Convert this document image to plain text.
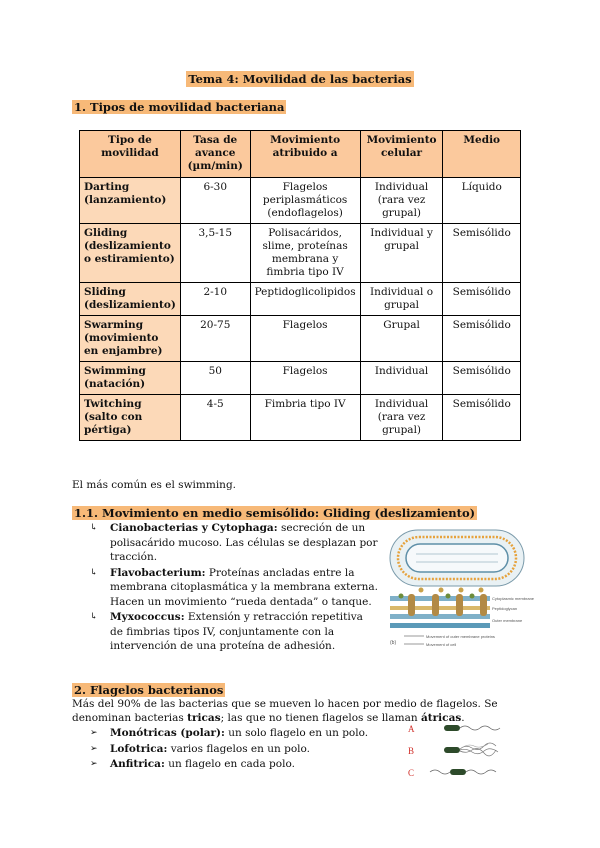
Tema 4: Movilidad de las bacterias
1. Tipos de movilidad bacteriana
Tipo de movilidad	Tasa de avance (µm/min)	Movimiento atribuido a	Movimiento celular	Medio
Darting (lanzamiento)	6-30	Flagelos periplasmáticos (endoflagelos)	Individual (rara vez grupal)	Líquido
Gliding (deslizamiento o estiramiento)	3,5-15	Polisacáridos, slime, proteínas membrana y fimbria tipo IV	Individual y grupal	Semisólido
Sliding (deslizamiento)	2-10	Peptidoglicolipidos	Individual o grupal	Semisólido
Swarming (movimiento en enjambre)	20-75	Flagelos	Grupal	Semisólido
Swimming (natación)	50	Flagelos	Individual	Semisólido
Twitching (salto con pértiga)	4-5	Fimbria tipo IV	Individual (rara vez grupal)	Semisólido
El más común es el swimming.
1.1. Movimiento en medio semisólido: Gliding (deslizamiento)
↳ Cianobacterias y Cytophaga: secreción de un polisacárido mucoso. Las células se desplazan por tracción.
↳ Flavobacterium: Proteínas ancladas entre la membrana citoplasmática y la membrana externa. Hacen un movimiento “rueda dentada” o tanque.
↳ Myxococcus: Extensión y retracción repetitiva de fimbrias tipos IV, conjuntamente con la intervención de una proteína de adhesión.
Cytoplasmic membrane
Peptidoglycan
Outer membrane
Movement of outer membrane proteins
Movement of cell
(b)
2. Flagelos bacterianos
Más del 90% de las bacterias que se mueven lo hacen por medio de flagelos. Se denominan bacterias tricas; las que no tienen flagelos se llaman átricas.
➢ Monótricas (polar): un solo flagelo en un polo.
➢ Lofotrica: varios flagelos en un polo.
➢ Anfitrica: un flagelo en cada polo.
A
B
C
